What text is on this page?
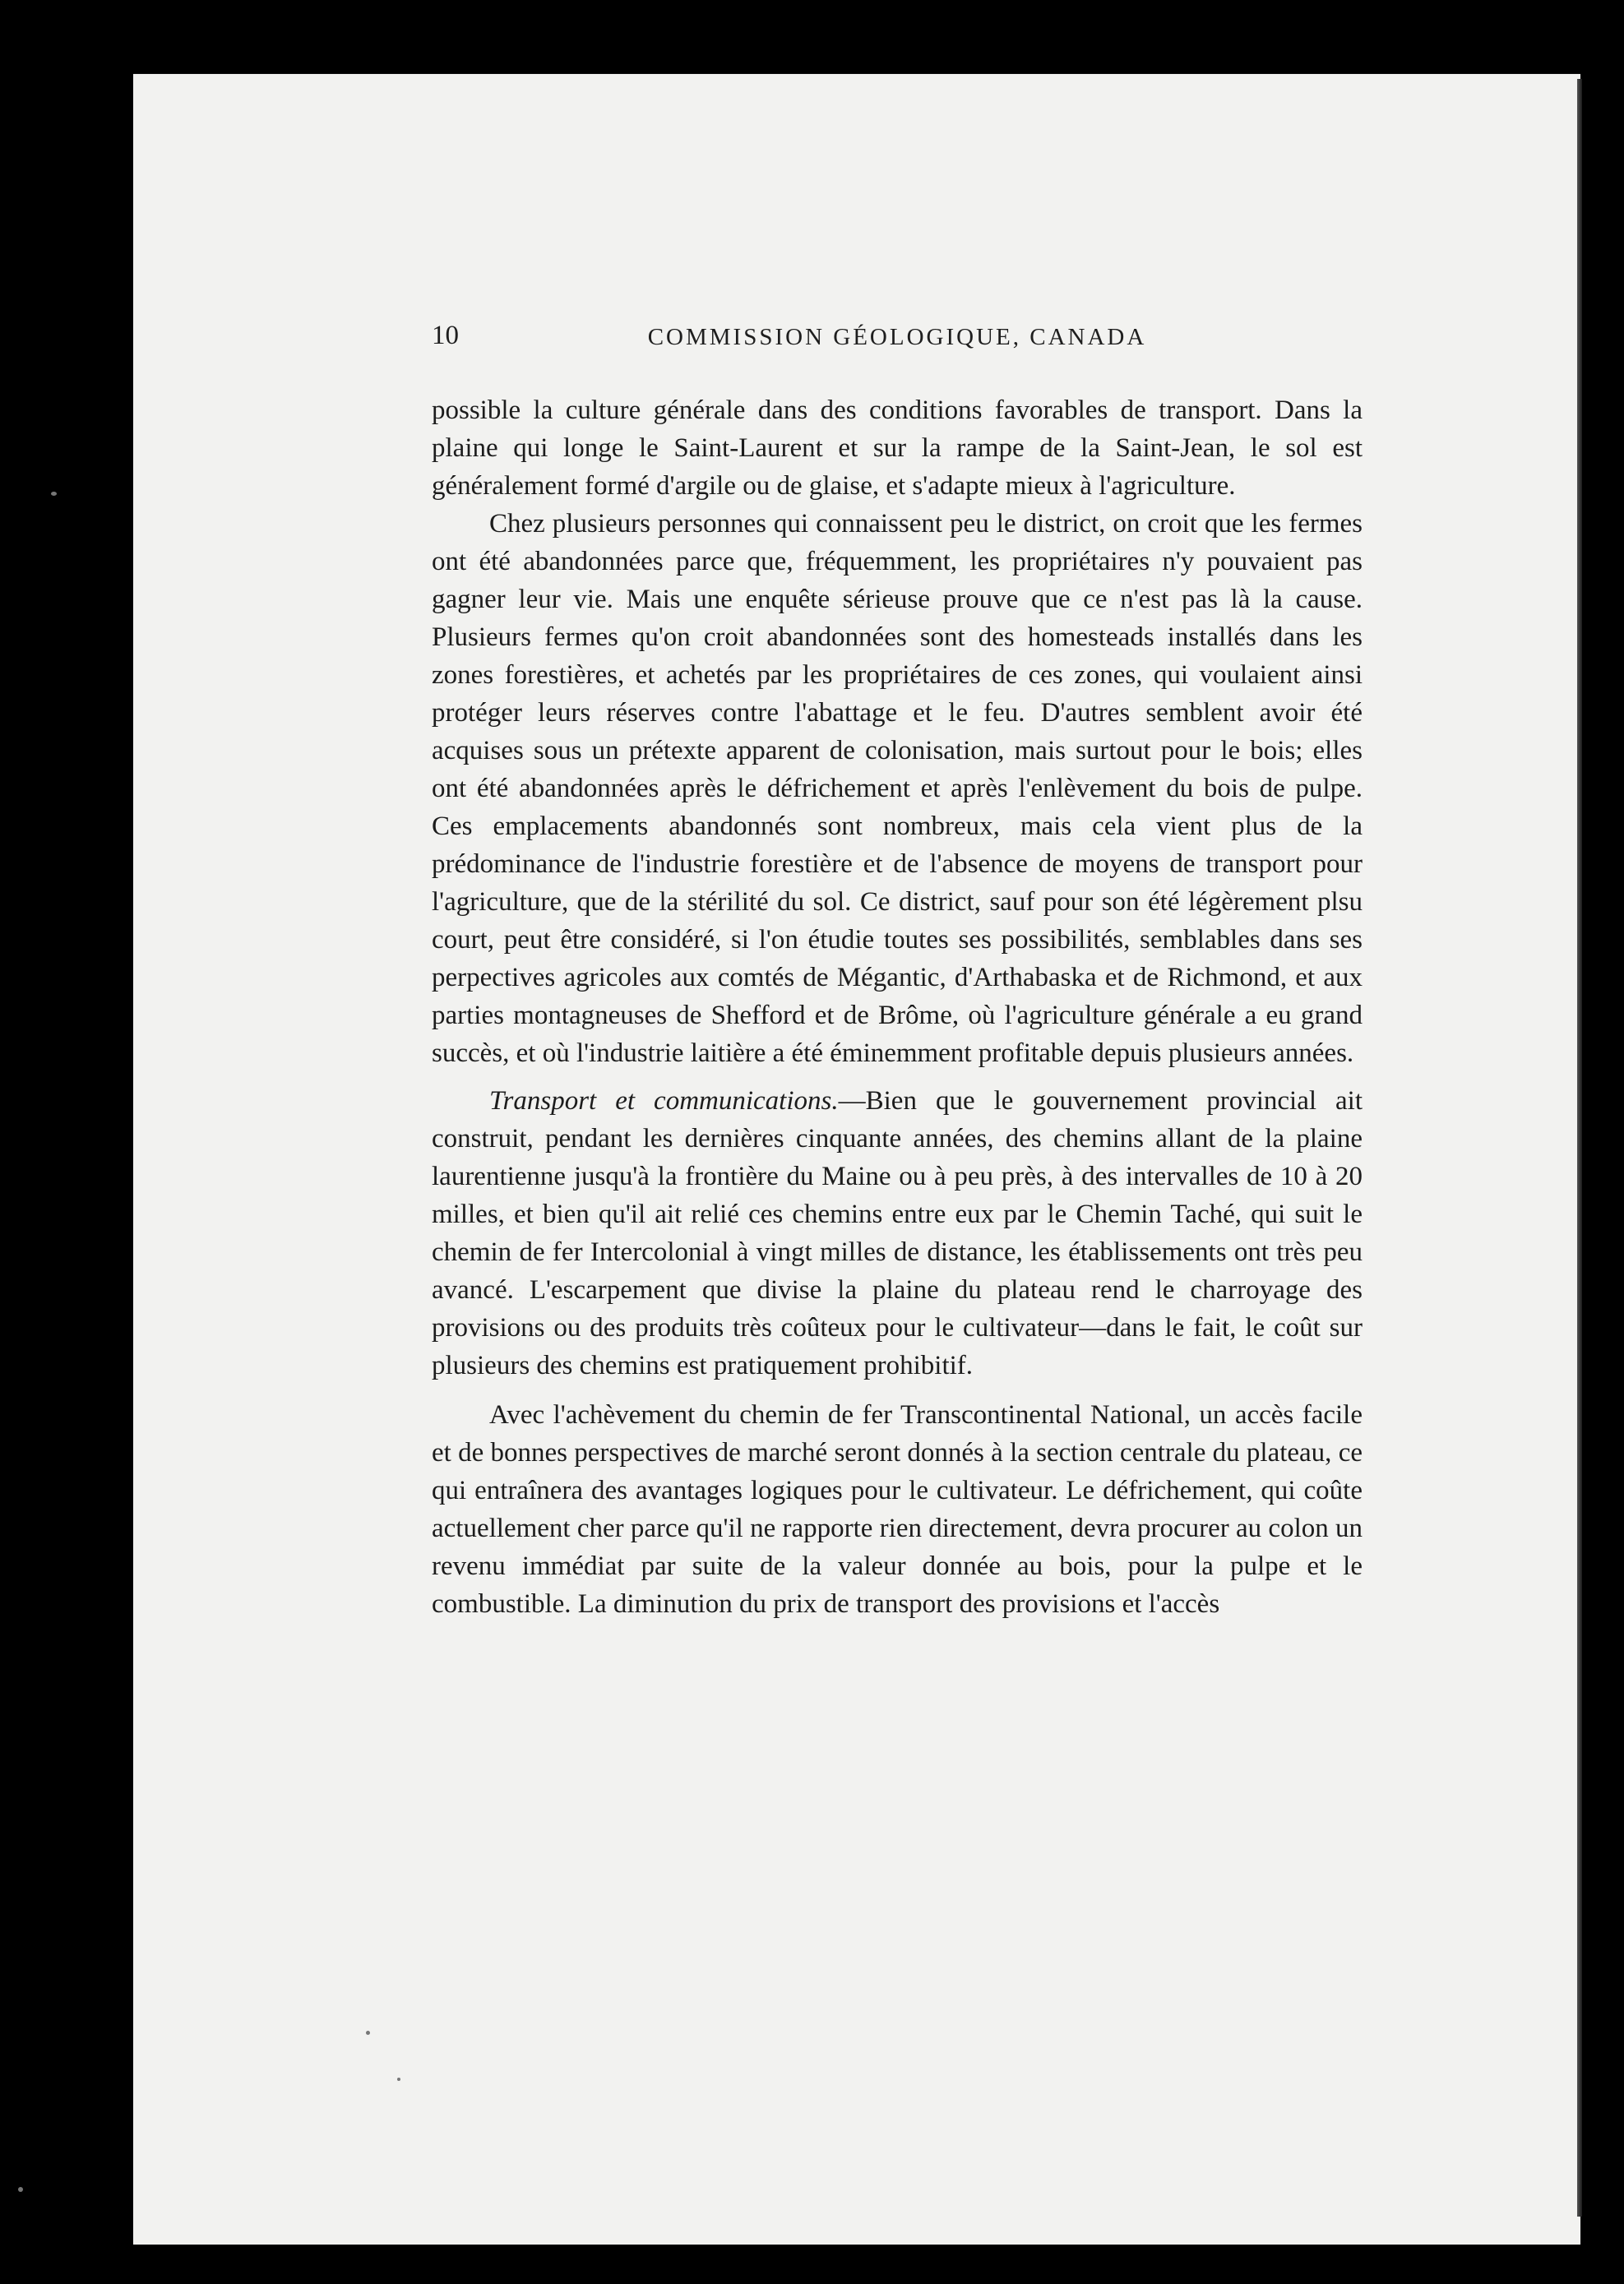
10	COMMISSION GÉOLOGIQUE, CANADA

possible la culture générale dans des conditions favorables de transport. Dans la plaine qui longe le Saint-Laurent et sur la rampe de la Saint-Jean, le sol est généralement formé d'argile ou de glaise, et s'adapte mieux à l'agriculture.

Chez plusieurs personnes qui connaissent peu le district, on croit que les fermes ont été abandonnées parce que, fréquemment, les propriétaires n'y pouvaient pas gagner leur vie. Mais une enquête sérieuse prouve que ce n'est pas là la cause. Plusieurs fermes qu'on croit abandonnées sont des homesteads installés dans les zones forestières, et achetés par les propriétaires de ces zones, qui voulaient ainsi protéger leurs réserves contre l'abattage et le feu. D'autres semblent avoir été acquises sous un prétexte apparent de colonisation, mais surtout pour le bois; elles ont été abandonnées après le défrichement et après l'enlèvement du bois de pulpe. Ces emplacements abandonnés sont nombreux, mais cela vient plus de la prédominance de l'industrie forestière et de l'absence de moyens de transport pour l'agriculture, que de la stérilité du sol. Ce district, sauf pour son été légèrement plsu court, peut être considéré, si l'on étudie toutes ses possibilités, semblables dans ses perpectives agricoles aux comtés de Mégantic, d'Arthabaska et de Richmond, et aux parties montagneuses de Shefford et de Brôme, où l'agriculture générale a eu grand succès, et où l'industrie laitière a été éminemment profitable depuis plusieurs années.

Transport et communications.—Bien que le gouvernement provincial ait construit, pendant les dernières cinquante années, des chemins allant de la plaine laurentienne jusqu'à la frontière du Maine ou à peu près, à des intervalles de 10 à 20 milles, et bien qu'il ait relié ces chemins entre eux par le Chemin Taché, qui suit le chemin de fer Intercolonial à vingt milles de distance, les établissements ont très peu avancé. L'escarpement que divise la plaine du plateau rend le charroyage des provisions ou des produits très coûteux pour le cultivateur—dans le fait, le coût sur plusieurs des chemins est pratiquement prohibitif.

Avec l'achèvement du chemin de fer Transcontinental National, un accès facile et de bonnes perspectives de marché seront donnés à la section centrale du plateau, ce qui entraînera des avantages logiques pour le cultivateur. Le défrichement, qui coûte actuellement cher parce qu'il ne rapporte rien directement, devra procurer au colon un revenu immédiat par suite de la valeur donnée au bois, pour la pulpe et le combustible. La diminution du prix de transport des provisions et l'accès
